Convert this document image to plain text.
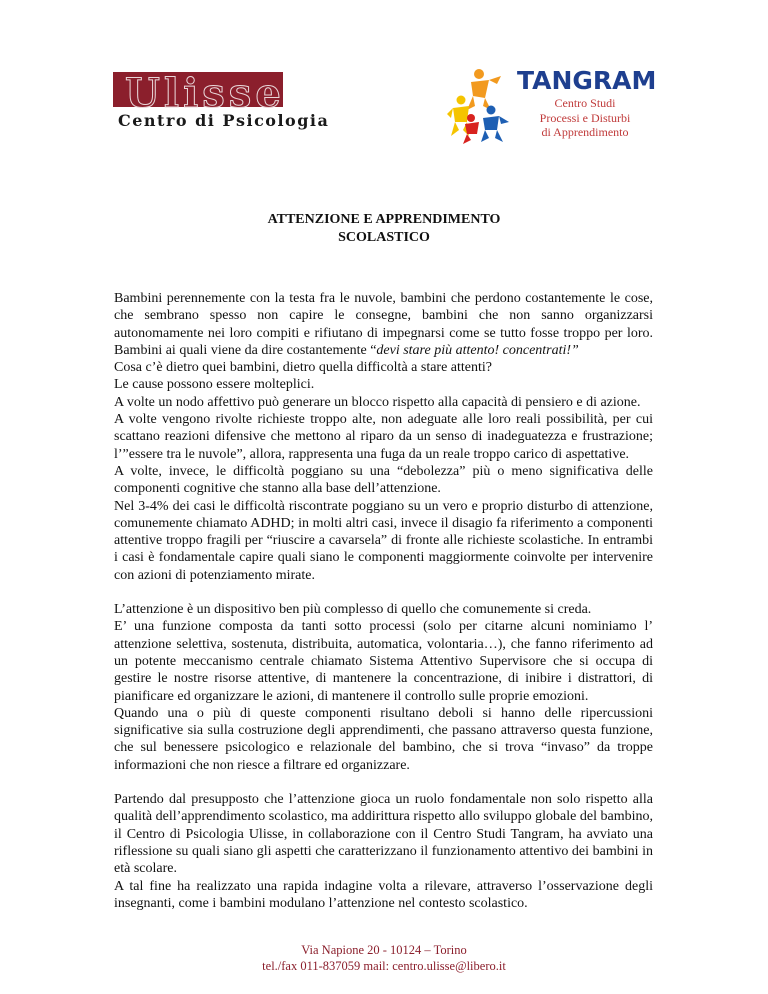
Ulisse
Centro di Psicologia
TANGRAM
Centro Studi
Processi e Disturbi
di Apprendimento
ATTENZIONE E APPRENDIMENTO
SCOLASTICO

Bambini perennemente con la testa fra le nuvole, bambini che perdono costantemente le cose, che sembrano spesso non capire le consegne, bambini che non sanno organizzarsi autonomamente nei loro compiti e rifiutano di impegnarsi come se tutto fosse troppo per loro. Bambini ai quali viene da dire costantemente “devi stare più attento! concentrati!”

Cosa c’è dietro quei bambini, dietro quella difficoltà a stare attenti?

Le cause possono essere molteplici.

A volte un nodo affettivo può generare un blocco rispetto alla capacità di pensiero e di azione.

A volte vengono rivolte richieste troppo alte, non adeguate alle loro reali possibilità, per cui scattano reazioni difensive che mettono al riparo da un senso di inadeguatezza e frustrazione; l’”essere tra le nuvole”, allora, rappresenta una fuga da un reale troppo carico di aspettative.

A volte, invece, le difficoltà poggiano su una “debolezza” più o meno significativa delle componenti cognitive che stanno alla base dell’attenzione.

Nel 3-4% dei casi le difficoltà riscontrate poggiano su un vero e proprio disturbo di attenzione, comunemente chiamato ADHD; in molti altri casi, invece il disagio fa riferimento a componenti attentive troppo fragili per “riuscire a cavarsela” di fronte alle richieste scolastiche. In entrambi i casi è fondamentale capire quali siano le componenti maggiormente coinvolte per intervenire con azioni di potenziamento mirate.

L’attenzione è un dispositivo ben più complesso di quello che comunemente si creda.

E’ una funzione composta da tanti sotto processi (solo per citarne alcuni nominiamo l’ attenzione selettiva, sostenuta, distribuita, automatica, volontaria…), che fanno riferimento ad un potente meccanismo centrale chiamato Sistema Attentivo Supervisore che si occupa di gestire le nostre risorse attentive, di mantenere la concentrazione, di inibire i distrattori, di pianificare ed organizzare le azioni, di mantenere il controllo sulle proprie emozioni.

Quando una o più di queste componenti risultano deboli si hanno delle ripercussioni significative sia sulla costruzione degli apprendimenti, che passano attraverso questa funzione, che sul benessere psicologico e relazionale del bambino, che si trova “invaso” da troppe informazioni che non riesce a filtrare ed organizzare.

Partendo dal presupposto che l’attenzione gioca un ruolo fondamentale non solo rispetto alla qualità dell’apprendimento scolastico, ma addirittura rispetto allo sviluppo globale del bambino, il Centro di Psicologia Ulisse, in collaborazione con il Centro Studi Tangram, ha avviato una riflessione su quali siano gli aspetti che caratterizzano il funzionamento attentivo dei bambini in età scolare.

A tal fine ha realizzato una rapida indagine volta a rilevare, attraverso l’osservazione degli insegnanti, come i bambini modulano l’attenzione nel contesto scolastico.

Via Napione 20 - 10124 – Torino
tel./fax 011-837059 mail: centro.ulisse@libero.it
